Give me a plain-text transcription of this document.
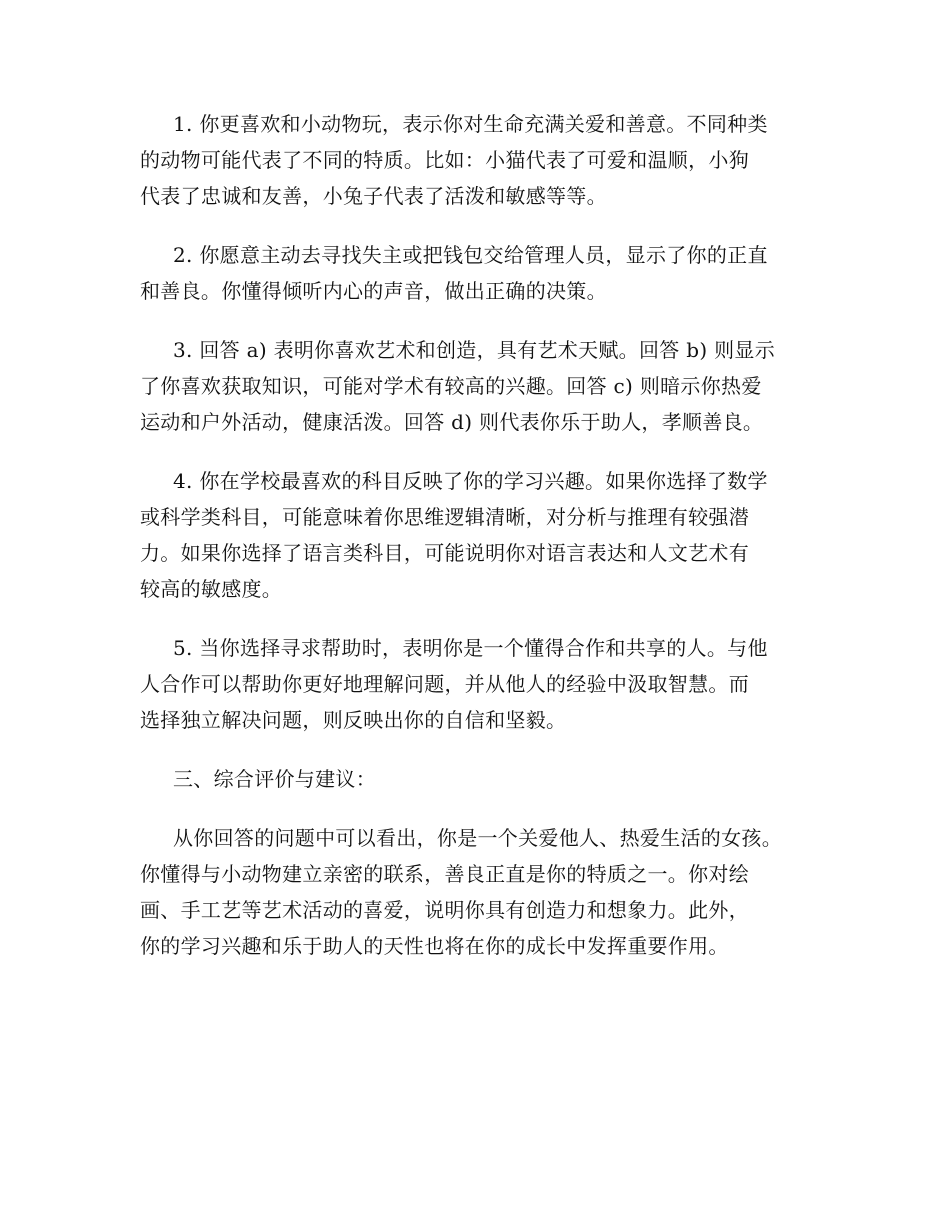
1. 你更喜欢和小动物玩，表示你对生命充满关爱和善意。不同种类
的动物可能代表了不同的特质。比如：小猫代表了可爱和温顺，小狗
代表了忠诚和友善，小兔子代表了活泼和敏感等等。

2. 你愿意主动去寻找失主或把钱包交给管理人员，显示了你的正直
和善良。你懂得倾听内心的声音，做出正确的决策。

3. 回答 a) 表明你喜欢艺术和创造，具有艺术天赋。回答 b) 则显示
了你喜欢获取知识，可能对学术有较高的兴趣。回答 c) 则暗示你热爱
运动和户外活动，健康活泼。回答 d) 则代表你乐于助人，孝顺善良。

4. 你在学校最喜欢的科目反映了你的学习兴趣。如果你选择了数学
或科学类科目，可能意味着你思维逻辑清晰，对分析与推理有较强潜
力。如果你选择了语言类科目，可能说明你对语言表达和人文艺术有
较高的敏感度。

5. 当你选择寻求帮助时，表明你是一个懂得合作和共享的人。与他
人合作可以帮助你更好地理解问题，并从他人的经验中汲取智慧。而
选择独立解决问题，则反映出你的自信和坚毅。

三、综合评价与建议：

从你回答的问题中可以看出，你是一个关爱他人、热爱生活的女孩。
你懂得与小动物建立亲密的联系，善良正直是你的特质之一。你对绘
画、手工艺等艺术活动的喜爱，说明你具有创造力和想象力。此外，
你的学习兴趣和乐于助人的天性也将在你的成长中发挥重要作用。
